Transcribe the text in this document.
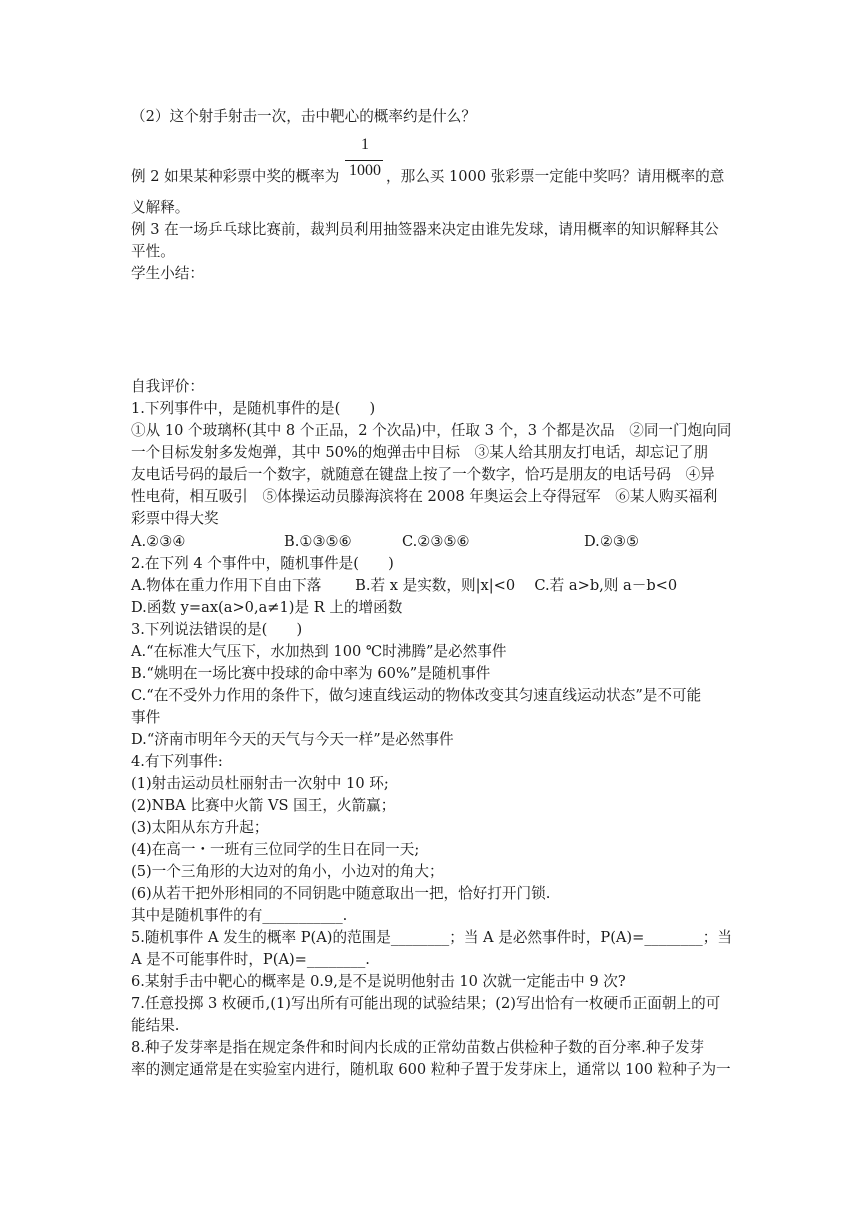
（2）这个射手射击一次，击中靶心的概率约是什么？
1
1000
例 2 如果某种彩票中奖的概率为	，那么买 1000 张彩票一定能中奖吗？请用概率的意
义解释。
例 3 在一场乒乓球比赛前，裁判员利用抽签器来决定由谁先发球，请用概率的知识解释其公
平性。
学生小结：
自我评价：
1.下列事件中，是随机事件的是(　　)
①从 10 个玻璃杯(其中 8 个正品，2 个次品)中，任取 3 个，3 个都是次品　②同一门炮向同
一个目标发射多发炮弹，其中 50%的炮弹击中目标　③某人给其朋友打电话，却忘记了朋
友电话号码的最后一个数字，就随意在键盘上按了一个数字，恰巧是朋友的电话号码　④异
性电荷，相互吸引　⑤体操运动员滕海滨将在 2008 年奥运会上夺得冠军　⑥某人购买福利
彩票中得大奖
A.②③④	B.①③⑤⑥	C.②③⑤⑥	D.②③⑤
2.在下列 4 个事件中，随机事件是(　　)
A.物体在重力作用下自由下落　　 B.若 x 是实数，则|x|<0　 C.若 a>b,则 a－b<0
D.函数 y=ax(a>0,a≠1)是 R 上的增函数
3.下列说法错误的是(　　)
A.“在标准大气压下，水加热到 100 ℃时沸腾”是必然事件
B.“姚明在一场比赛中投球的命中率为 60%”是随机事件
C.“在不受外力作用的条件下，做匀速直线运动的物体改变其匀速直线运动状态”是不可能
事件
D.“济南市明年今天的天气与今天一样”是必然事件
4.有下列事件:
(1)射击运动员杜丽射击一次射中 10 环;
(2)NBA 比赛中火箭 VS 国王，火箭赢；
(3)太阳从东方升起；
(4)在高一・一班有三位同学的生日在同一天;
(5)一个三角形的大边对的角小，小边对的角大；
(6)从若干把外形相同的不同钥匙中随意取出一把，恰好打开门锁.
其中是随机事件的有___________.
5.随机事件 A 发生的概率 P(A)的范围是________；当 A 是必然事件时，P(A)=________；当
A 是不可能事件时，P(A)=________.
6.某射手击中靶心的概率是 0.9,是不是说明他射击 10 次就一定能击中 9 次?
7.任意投掷 3 枚硬币,(1)写出所有可能出现的试验结果；(2)写出恰有一枚硬币正面朝上的可
能结果.
8.种子发芽率是指在规定条件和时间内长成的正常幼苗数占供检种子数的百分率.种子发芽
率的测定通常是在实验室内进行，随机取 600 粒种子置于发芽床上，通常以 100 粒种子为一
